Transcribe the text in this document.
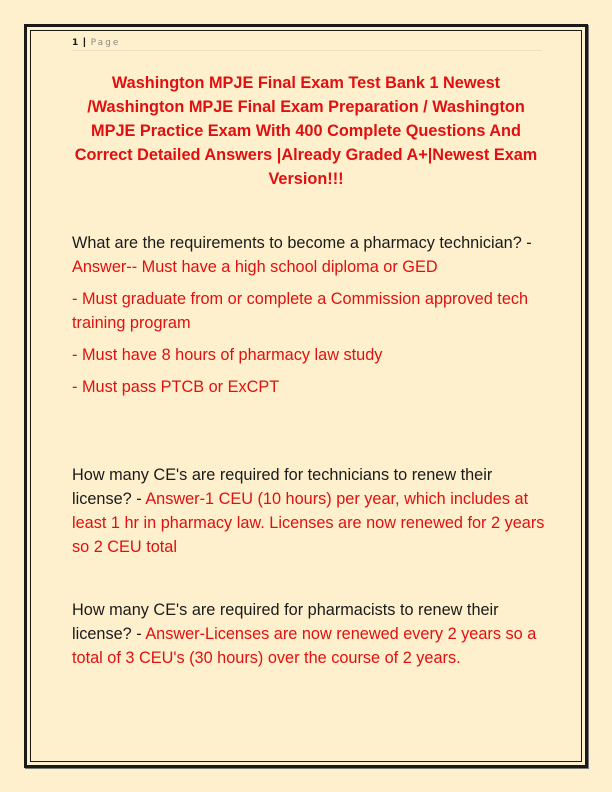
1 | Page
Washington MPJE Final Exam Test Bank 1 Newest /Washington MPJE Final Exam Preparation / Washington MPJE Practice Exam With 400 Complete Questions And Correct Detailed Answers |Already Graded A+|Newest Exam Version!!!

What are the requirements to become a pharmacy technician? - Answer-- Must have a high school diploma or GED

- Must graduate from or complete a Commission approved tech training program

- Must have 8 hours of pharmacy law study

- Must pass PTCB or ExCPT

How many CE's are required for technicians to renew their license? - Answer-1 CEU (10 hours) per year, which includes at least 1 hr in pharmacy law. Licenses are now renewed for 2 years so 2 CEU total

How many CE's are required for pharmacists to renew their license? - Answer-Licenses are now renewed every 2 years so a total of 3 CEU's (30 hours) over the course of 2 years.
